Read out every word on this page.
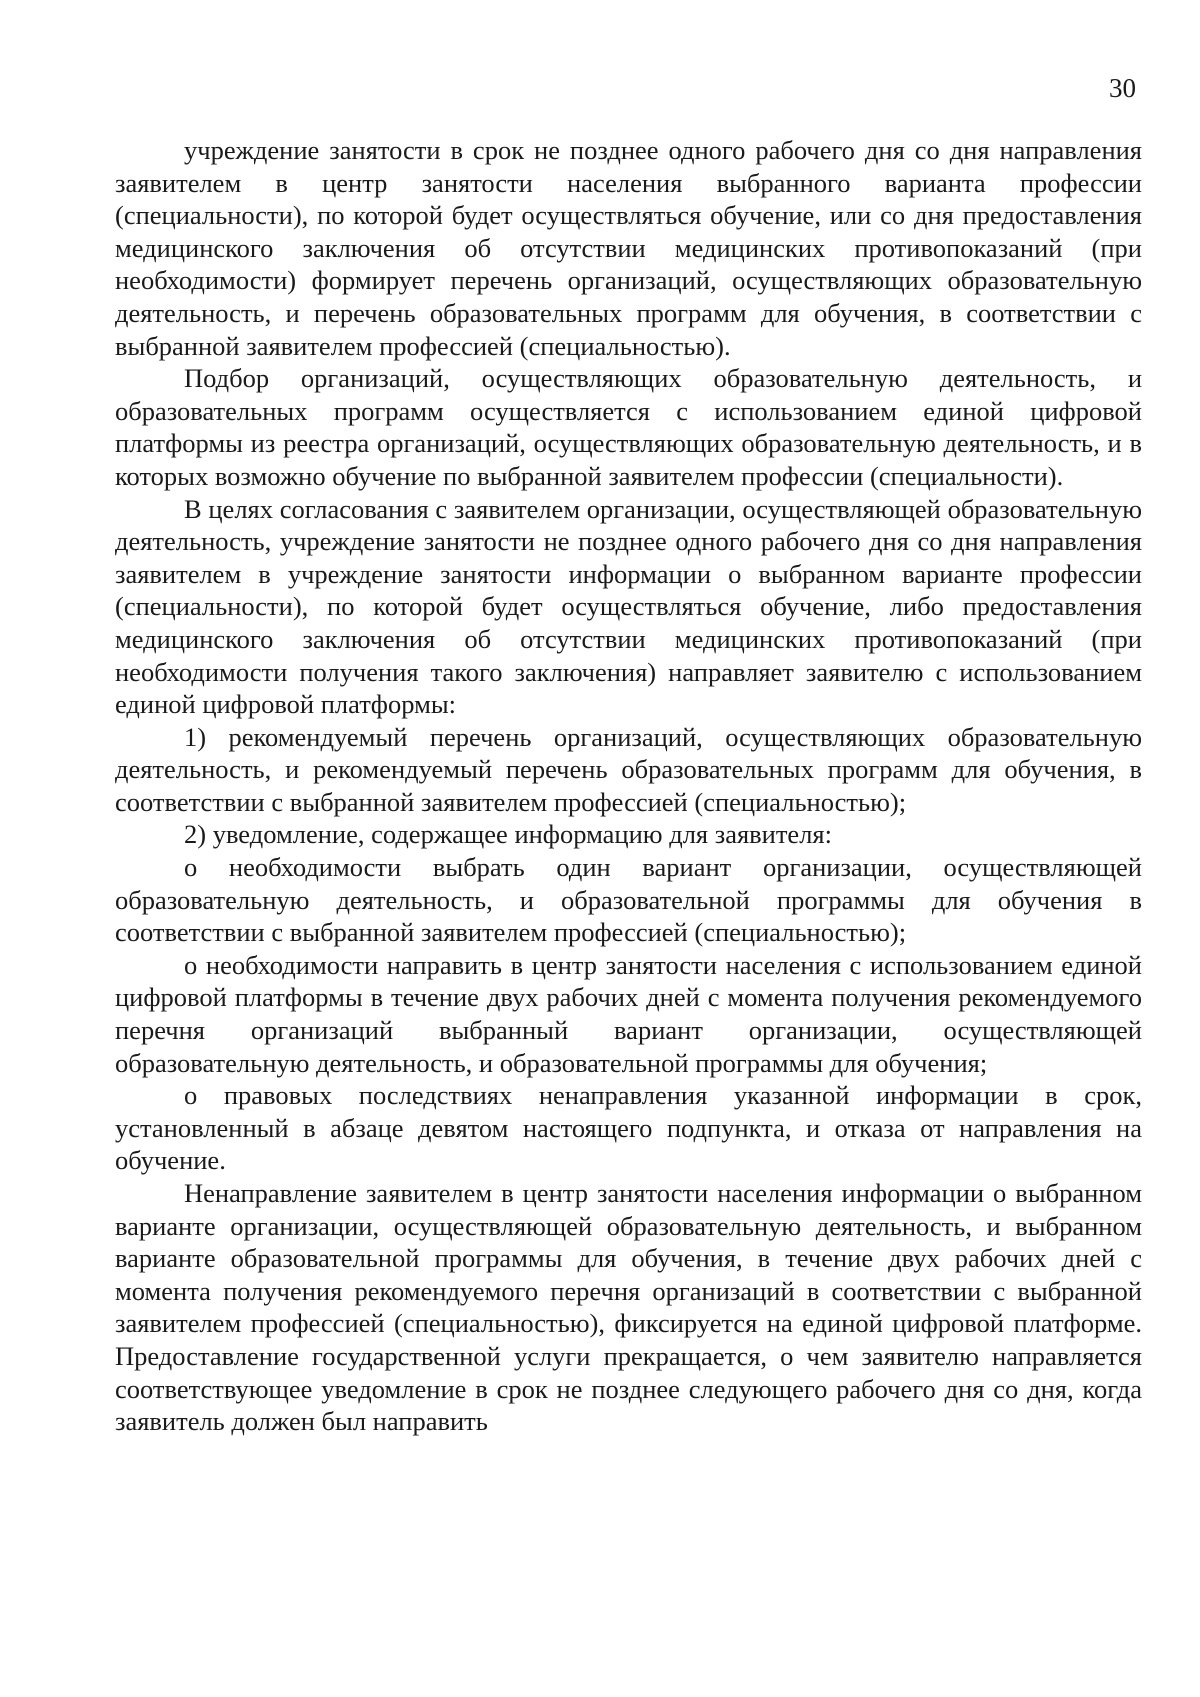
30

учреждение занятости в срок не позднее одного рабочего дня со дня направления заявителем в центр занятости населения выбранного варианта профессии (специальности), по которой будет осуществляться обучение, или со дня предоставления медицинского заключения об отсутствии медицинских противопоказаний (при необходимости) формирует перечень организаций, осуществляющих образовательную деятельность, и перечень образовательных программ для обучения, в соответствии с выбранной заявителем профессией (специальностью).

Подбор организаций, осуществляющих образовательную деятельность, и образовательных программ осуществляется с использованием единой цифровой платформы из реестра организаций, осуществляющих образовательную деятельность, и в которых возможно обучение по выбранной заявителем профессии (специальности).

В целях согласования с заявителем организации, осуществляющей образовательную деятельность, учреждение занятости не позднее одного рабочего дня со дня направления заявителем в учреждение занятости информации о выбранном варианте профессии (специальности), по которой будет осуществляться обучение, либо предоставления медицинского заключения об отсутствии медицинских противопоказаний (при необходимости получения такого заключения) направляет заявителю с использованием единой цифровой платформы:

1) рекомендуемый перечень организаций, осуществляющих образовательную деятельность, и рекомендуемый перечень образовательных программ для обучения, в соответствии с выбранной заявителем профессией (специальностью);

2) уведомление, содержащее информацию для заявителя:

о необходимости выбрать один вариант организации, осуществляющей образовательную деятельность, и образовательной программы для обучения в соответствии с выбранной заявителем профессией (специальностью);

о необходимости направить в центр занятости населения с использованием единой цифровой платформы в течение двух рабочих дней с момента получения рекомендуемого перечня организаций выбранный вариант организации, осуществляющей образовательную деятельность, и образовательной программы для обучения;

о правовых последствиях ненаправления указанной информации в срок, установленный в абзаце девятом настоящего подпункта, и отказа от направления на обучение.

Ненаправление заявителем в центр занятости населения информации о выбранном варианте организации, осуществляющей образовательную деятельность, и выбранном варианте образовательной программы для обучения, в течение двух рабочих дней с момента получения рекомендуемого перечня организаций в соответствии с выбранной заявителем профессией (специальностью), фиксируется на единой цифровой платформе. Предоставление государственной услуги прекращается, о чем заявителю направляется соответствующее уведомление в срок не позднее следующего рабочего дня со дня, когда заявитель должен был направить
